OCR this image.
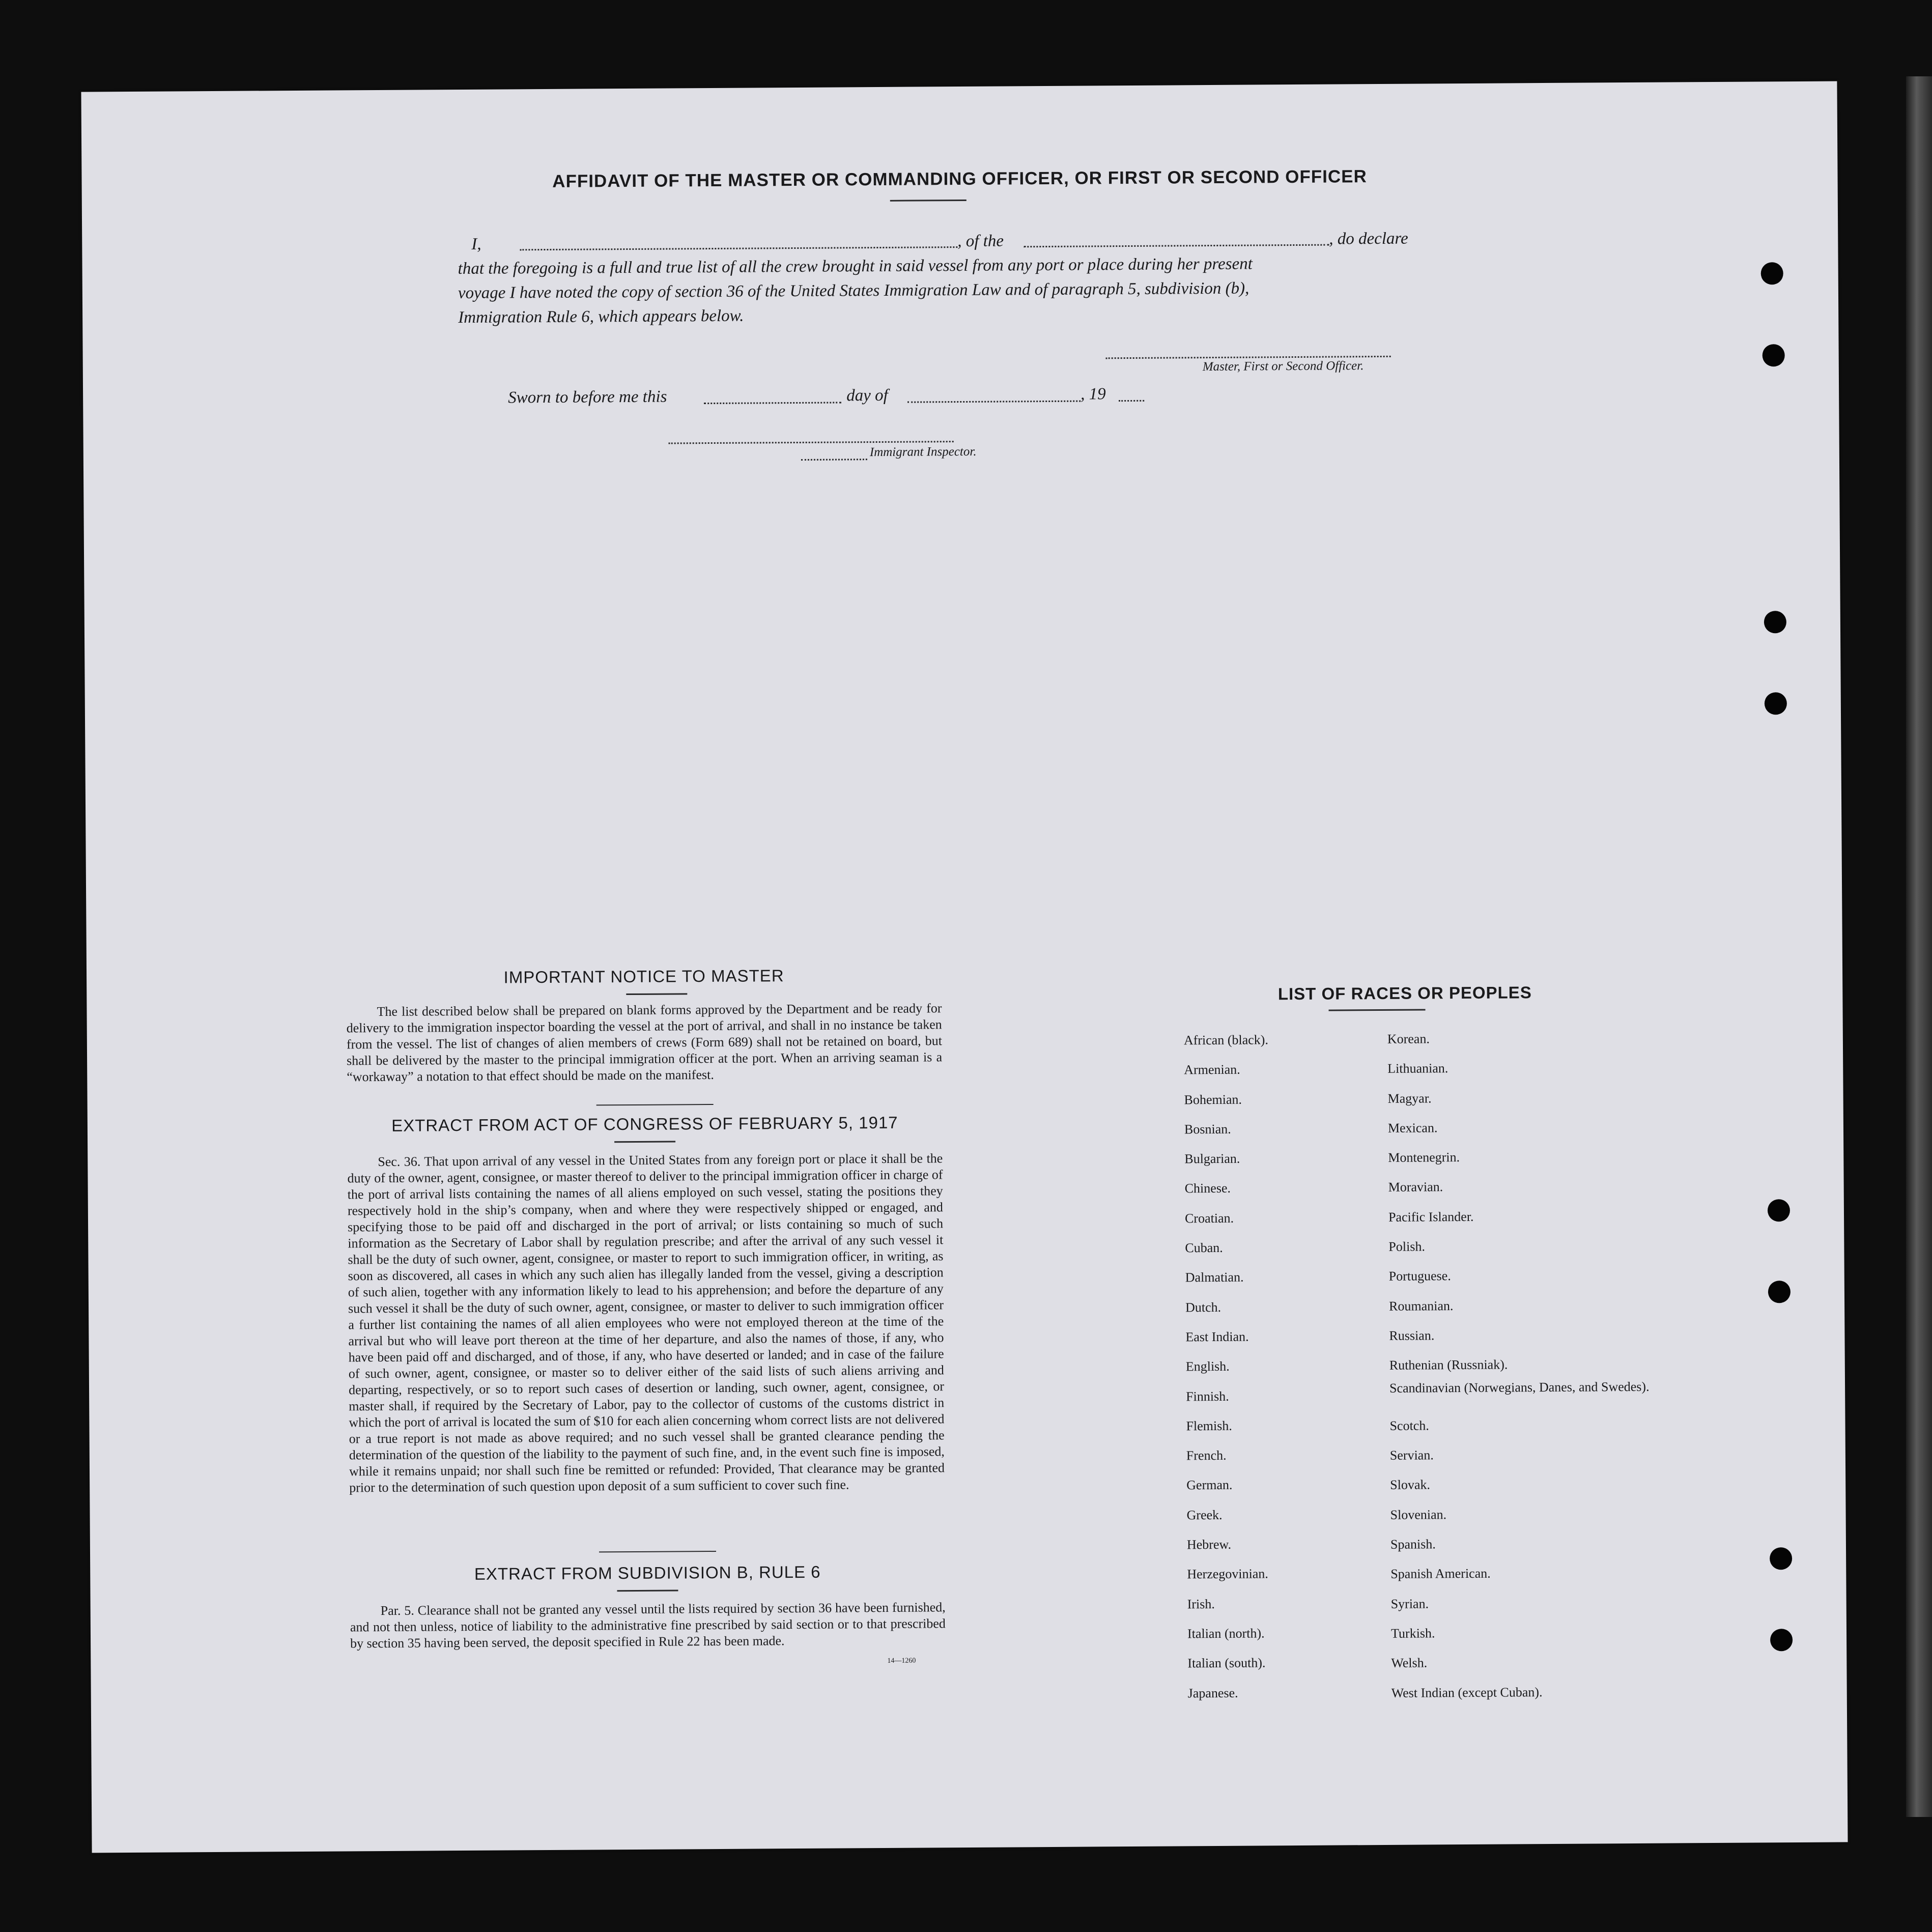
AFFIDAVIT OF THE MASTER OR COMMANDING OFFICER, OR FIRST OR SECOND OFFICER
I,	, of the	, do declare
that the foregoing is a full and true list of all the crew brought in said vessel from any port or place during her present
voyage I have noted the copy of section 36 of the United States Immigration Law and of paragraph 5, subdivision (b),
Immigration Rule 6, which appears below.
Master, First or Second Officer.
Sworn to before me this	day of	, 19
Immigrant Inspector.
IMPORTANT NOTICE TO MASTER
The list described below shall be prepared on blank forms approved by the Department and be ready for delivery to the immigration inspector boarding the vessel at the port of arrival, and shall in no instance be taken from the vessel. The list of changes of alien members of crews (Form 689) shall not be retained on board, but shall be delivered by the master to the principal immigration officer at the port. When an arriving seaman is a “workaway” a notation to that effect should be made on the manifest.
EXTRACT FROM ACT OF CONGRESS OF FEBRUARY 5, 1917
Sec. 36. That upon arrival of any vessel in the United States from any foreign port or place it shall be the duty of the owner, agent, consignee, or master thereof to deliver to the principal immigration officer in charge of the port of arrival lists containing the names of all aliens employed on such vessel, stating the positions they respectively hold in the ship’s company, when and where they were respectively shipped or engaged, and specifying those to be paid off and discharged in the port of arrival; or lists containing so much of such information as the Secretary of Labor shall by regulation prescribe; and after the arrival of any such vessel it shall be the duty of such owner, agent, consignee, or master to report to such immigration officer, in writing, as soon as discovered, all cases in which any such alien has illegally landed from the vessel, giving a description of such alien, together with any information likely to lead to his apprehension; and before the departure of any such vessel it shall be the duty of such owner, agent, consignee, or master to deliver to such immigration officer a further list containing the names of all alien employees who were not employed thereon at the time of the arrival but who will leave port thereon at the time of her departure, and also the names of those, if any, who have been paid off and discharged, and of those, if any, who have deserted or landed; and in case of the failure of such owner, agent, consignee, or master so to deliver either of the said lists of such aliens arriving and departing, respectively, or so to report such cases of desertion or landing, such owner, agent, consignee, or master shall, if required by the Secretary of Labor, pay to the collector of customs of the customs district in which the port of arrival is located the sum of $10 for each alien concerning whom correct lists are not delivered or a true report is not made as above required; and no such vessel shall be granted clearance pending the determination of the question of the liability to the payment of such fine, and, in the event such fine is imposed, while it remains unpaid; nor shall such fine be remitted or refunded: Provided, That clearance may be granted prior to the determination of such question upon deposit of a sum sufficient to cover such fine.
EXTRACT FROM SUBDIVISION B, RULE 6
Par. 5. Clearance shall not be granted any vessel until the lists required by section 36 have been furnished, and not then unless, notice of liability to the administrative fine prescribed by said section or to that prescribed by section 35 having been served, the deposit specified in Rule 22 has been made.
14—1260
LIST OF RACES OR PEOPLES
African (black).
Armenian.
Bohemian.
Bosnian.
Bulgarian.
Chinese.
Croatian.
Cuban.
Dalmatian.
Dutch.
East Indian.
English.
Finnish.
Flemish.
French.
German.
Greek.
Hebrew.
Herzegovinian.
Irish.
Italian (north).
Italian (south).
Japanese.
Korean.
Lithuanian.
Magyar.
Mexican.
Montenegrin.
Moravian.
Pacific Islander.
Polish.
Portuguese.
Roumanian.
Russian.
Ruthenian (Russniak).
Scandinavian (Norwegians, Danes, and Swedes).
Scotch.
Servian.
Slovak.
Slovenian.
Spanish.
Spanish American.
Syrian.
Turkish.
Welsh.
West Indian (except Cuban).
